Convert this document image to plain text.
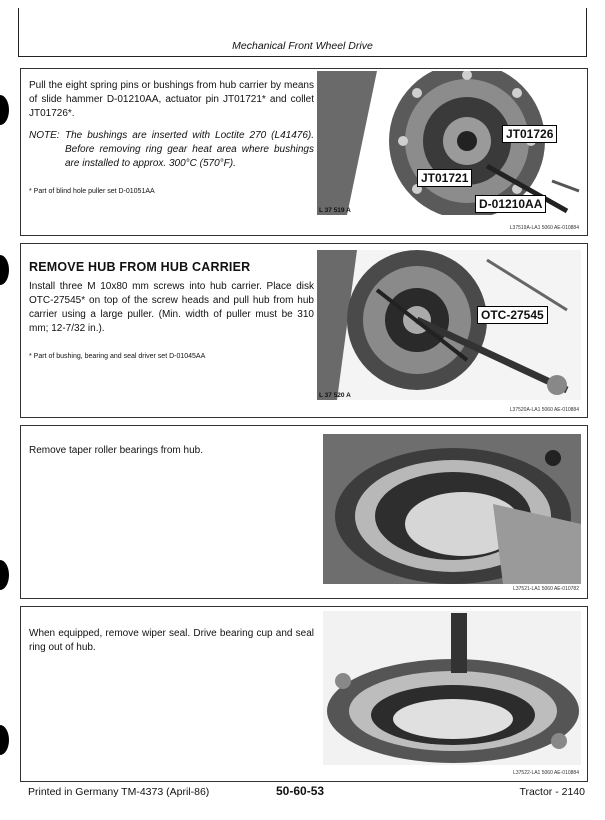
Mechanical Front Wheel Drive
Pull the eight spring pins or bushings from hub carrier by means of slide hammer D-01210AA, actuator pin JT01721* and collet JT01726*.
NOTE: The bushings are inserted with Loctite 270 (L41476). Before removing ring gear heat area where bushings are installed to approx. 300°C (570°F).
* Part of blind hole puller set D-01051AA
JT01726
JT01721
D-01210AA
L 37 519 A
L37519A-LA1 5060 AE-010884
REMOVE HUB FROM HUB CARRIER
Install three M 10x80 mm screws into hub carrier. Place disk OTC-27545* on top of the screw heads and pull hub from hub carrier using a large puller. (Min. width of puller must be 310 mm; 12-7/32 in.).
* Part of bushing, bearing and seal driver set D-01045AA
OTC-27545
L 37 520 A
L37520A-LA1 5060 AE-010884
Remove taper roller bearings from hub.
L37521-LA1 5060 AE-010782
When equipped, remove wiper seal. Drive bearing cup and seal ring out of hub.
L37522-LA1 5060 AE-010884
Printed in Germany TM-4373 (April-86)	50-60-53	Tractor - 2140
